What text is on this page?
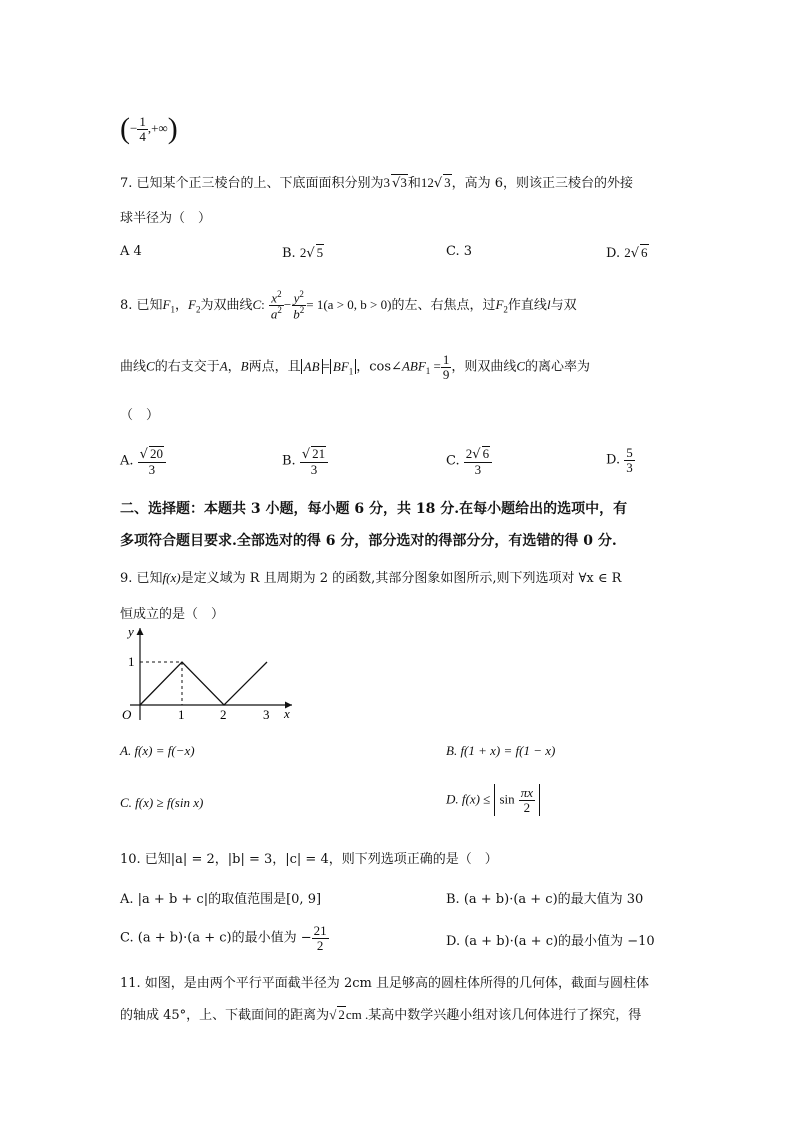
(− $\frac{1}{4}$ ,+∞)
7. 已知某个正三棱台的上、下底面面积分别为3√ 3和12√ 3，高为 6，则该正三棱台的外接
球半径为（　）
A 4	B. 2√ 5	C. 3	D. 2√ 6
8. 已知$F_1$，$F_2$为双曲线C: $\frac{x^2}{a^2} - \frac{y^2}{b^2} = 1(a > 0$, b > 0)的左、右焦点，过$F_2$作直线l与双
曲线C的右支交于A，B两点，且 AB = $BF_1$ ，$\cos\angle ABF_1 = \frac{1}{9}$ ，则双曲线C的离心率为
（　）
A. $\frac{√ 20}{3}$	B. $\frac{√ 21}{3}$	C. $\frac{2√ 6}{3}$	D. $\frac{5}{3}$
二、选择题：本题共 3 小题，每小题 6 分，共 18 分.在每小题给出的选项中，有
多项符合题目要求.全部选对的得 6 分，部分选对的得部分分，有选错的得 0 分.
9. 已知f(x)是定义域为 R 且周期为 2 的函数,其部分图象如图所示,则下列选项对 ∀x ∈ R
恒成立的是（　）
y
x
O
1
1	2	3
A. f(x) = f(−x)	B. f(1 + x) = f(1 − x)
C. f(x) ≥ f(sin x)	D. $f(x) \le \sin \frac{\pi x}{2}$
10. 已知|a| = 2，|b| = 3，|c| = 4，则下列选项正确的是（　）
A. |a + b + c|的取值范围是[0, 9]	B. (a + b)·(a + c)的最大值为 30
C. (a + b)·(a + c)的最小值为 − $\frac{21}{2}$	D. (a + b)·(a + c)的最小值为 −10
11. 如图，是由两个平行平面截半径为 2cm 且足够高的圆柱体所得的几何体，截面与圆柱体
的轴成 45°，上、下截面间的距离为√ 2cm .某高中数学兴趣小组对该几何体进行了探究，得
